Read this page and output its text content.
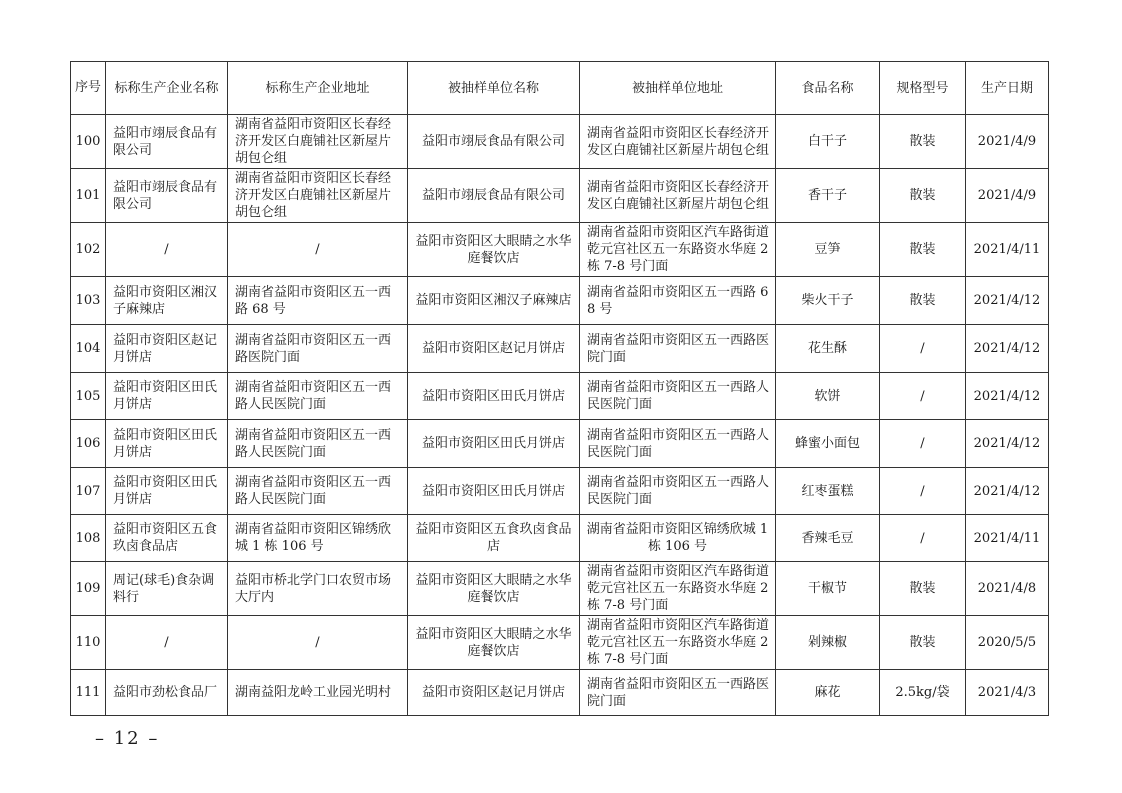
序号	标称生产企业名称	标称生产企业地址	被抽样单位名称	被抽样单位地址	食品名称	规格型号	生产日期
100	益阳市翊辰食品有限公司	湖南省益阳市资阳区长春经济开发区白鹿铺社区新屋片胡包仑组	益阳市翊辰食品有限公司	湖南省益阳市资阳区长春经济开发区白鹿铺社区新屋片胡包仑组	白干子	散装	2021/4/9
101	益阳市翊辰食品有限公司	湖南省益阳市资阳区长春经济开发区白鹿铺社区新屋片胡包仑组	益阳市翊辰食品有限公司	湖南省益阳市资阳区长春经济开发区白鹿铺社区新屋片胡包仑组	香干子	散装	2021/4/9
102	/	/	益阳市资阳区大眼睛之水华庭餐饮店	湖南省益阳市资阳区汽车路街道乾元宫社区五一东路资水华庭 2 栋 7-8 号门面	豆笋	散装	2021/4/11
103	益阳市资阳区湘汉子麻辣店	湖南省益阳市资阳区五一西路 68 号	益阳市资阳区湘汉子麻辣店	湖南省益阳市资阳区五一西路 68 号	柴火干子	散装	2021/4/12
104	益阳市资阳区赵记月饼店	湖南省益阳市资阳区五一西路医院门面	益阳市资阳区赵记月饼店	湖南省益阳市资阳区五一西路医院门面	花生酥	/	2021/4/12
105	益阳市资阳区田氏月饼店	湖南省益阳市资阳区五一西路人民医院门面	益阳市资阳区田氏月饼店	湖南省益阳市资阳区五一西路人民医院门面	软饼	/	2021/4/12
106	益阳市资阳区田氏月饼店	湖南省益阳市资阳区五一西路人民医院门面	益阳市资阳区田氏月饼店	湖南省益阳市资阳区五一西路人民医院门面	蜂蜜小面包	/	2021/4/12
107	益阳市资阳区田氏月饼店	湖南省益阳市资阳区五一西路人民医院门面	益阳市资阳区田氏月饼店	湖南省益阳市资阳区五一西路人民医院门面	红枣蛋糕	/	2021/4/12
108	益阳市资阳区五食玖卤食品店	湖南省益阳市资阳区锦绣欣城 1 栋 106 号	益阳市资阳区五食玖卤食品店	湖南省益阳市资阳区锦绣欣城 1 栋 106 号	香辣毛豆	/	2021/4/11
109	周记(球毛)食杂调料行	益阳市桥北学门口农贸市场大厅内	益阳市资阳区大眼睛之水华庭餐饮店	湖南省益阳市资阳区汽车路街道乾元宫社区五一东路资水华庭 2 栋 7-8 号门面	干椒节	散装	2021/4/8
110	/	/	益阳市资阳区大眼睛之水华庭餐饮店	湖南省益阳市资阳区汽车路街道乾元宫社区五一东路资水华庭 2 栋 7-8 号门面	剁辣椒	散装	2020/5/5
111	益阳市劲松食品厂	湖南益阳龙岭工业园光明村	益阳市资阳区赵记月饼店	湖南省益阳市资阳区五一西路医院门面	麻花	2.5kg/袋	2021/4/3
– 12 –
